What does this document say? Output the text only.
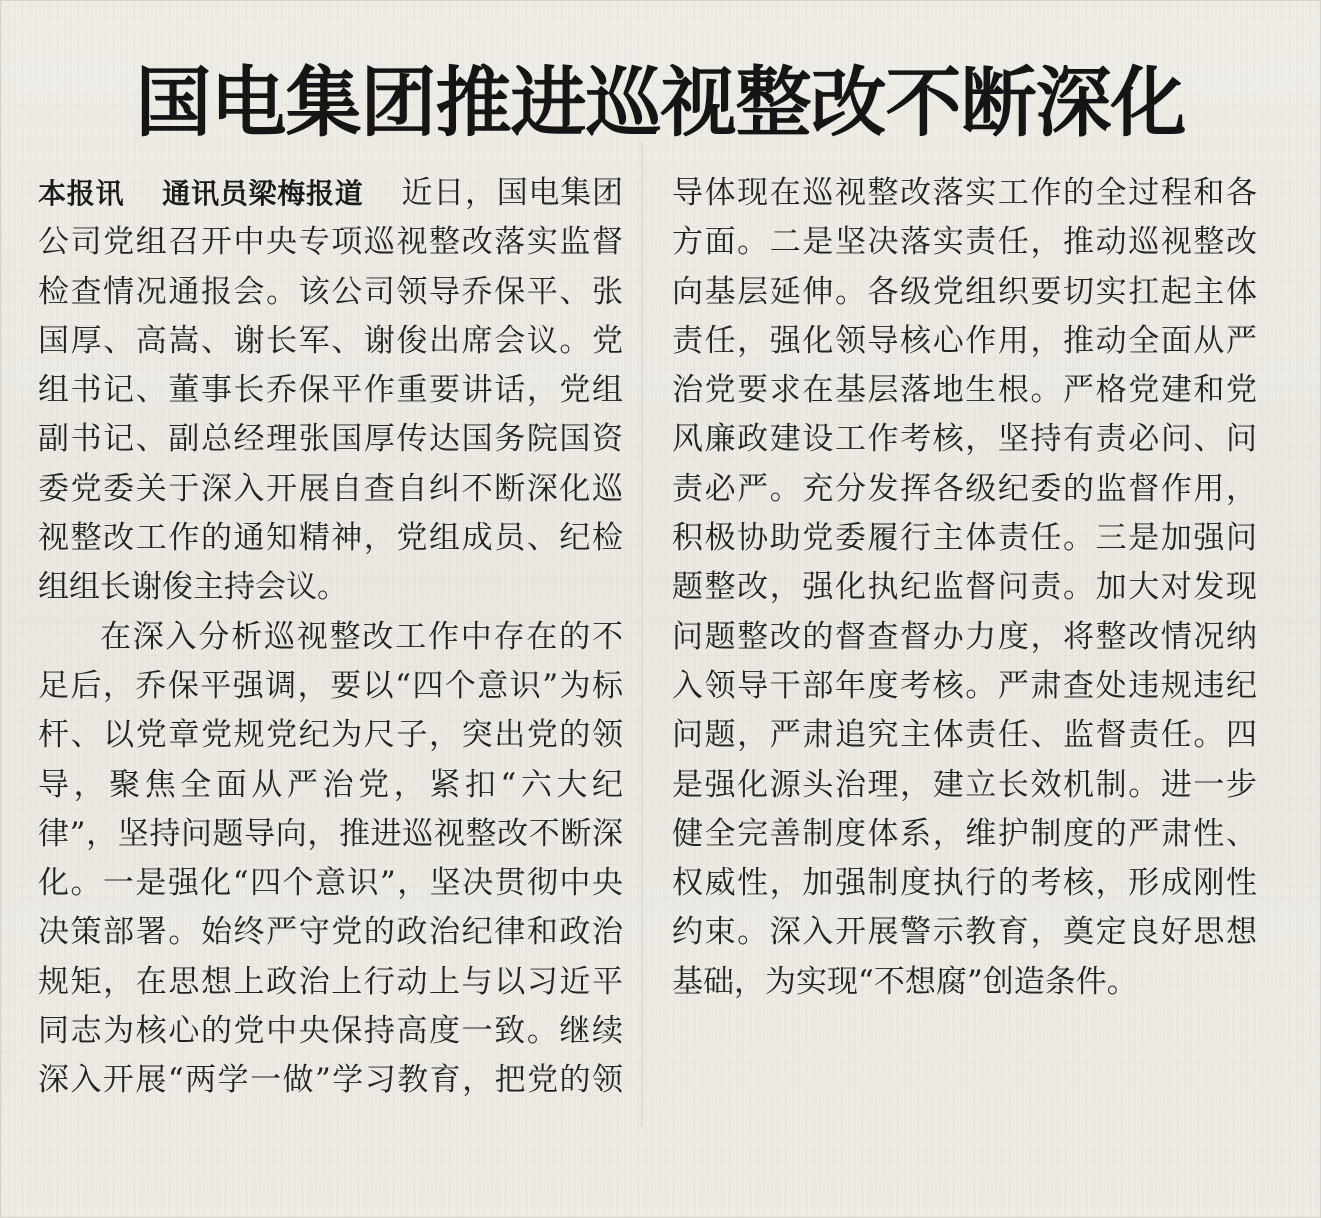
国电集团推进巡视整改不断深化

本报讯 通讯员梁梅报道 近日，国电集团公司党组召开中央专项巡视整改落实监督检查情况通报会。该公司领导乔保平、张国厚、高嵩、谢长军、谢俊出席会议。党组书记、董事长乔保平作重要讲话，党组副书记、副总经理张国厚传达国务院国资委党委关于深入开展自查自纠不断深化巡视整改工作的通知精神，党组成员、纪检组组长谢俊主持会议。

在深入分析巡视整改工作中存在的不足后，乔保平强调，要以“四个意识”为标杆、以党章党规党纪为尺子，突出党的领导，聚焦全面从严治党，紧扣“六大纪律”，坚持问题导向，推进巡视整改不断深化。一是强化“四个意识”，坚决贯彻中央决策部署。始终严守党的政治纪律和政治规矩，在思想上政治上行动上与以习近平同志为核心的党中央保持高度一致。继续深入开展“两学一做”学习教育，把党的领

导体现在巡视整改落实工作的全过程和各方面。二是坚决落实责任，推动巡视整改向基层延伸。各级党组织要切实扛起主体责任，强化领导核心作用，推动全面从严治党要求在基层落地生根。严格党建和党风廉政建设工作考核，坚持有责必问、问责必严。充分发挥各级纪委的监督作用，积极协助党委履行主体责任。三是加强问题整改，强化执纪监督问责。加大对发现问题整改的督查督办力度，将整改情况纳入领导干部年度考核。严肃查处违规违纪问题，严肃追究主体责任、监督责任。四是强化源头治理，建立长效机制。进一步健全完善制度体系，维护制度的严肃性、权威性，加强制度执行的考核，形成刚性约束。深入开展警示教育，奠定良好思想基础，为实现“不想腐”创造条件。
